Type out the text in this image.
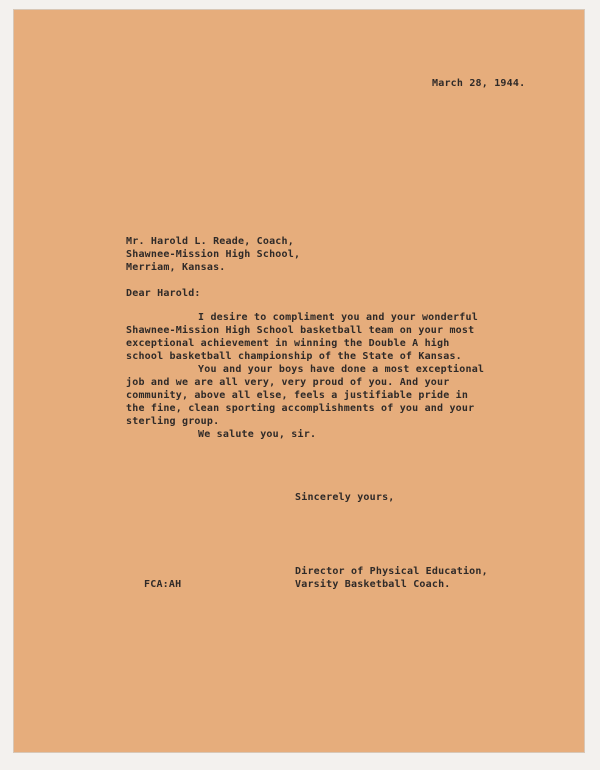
March 28, 1944.
Mr. Harold L. Reade, Coach,
Shawnee-Mission High School,
Merriam, Kansas.
Dear Harold:
I desire to compliment you and your wonderful
Shawnee-Mission High School basketball team on your most
exceptional achievement in winning the Double A high
school basketball championship of the State of Kansas.
You and your boys have done a most exceptional
job and we are all very, very proud of you. And your
community, above all else, feels a justifiable pride in
the fine, clean sporting accomplishments of you and your
sterling group.
We salute you, sir.
Sincerely yours,
Director of Physical Education,
Varsity Basketball Coach.
FCA:AH
